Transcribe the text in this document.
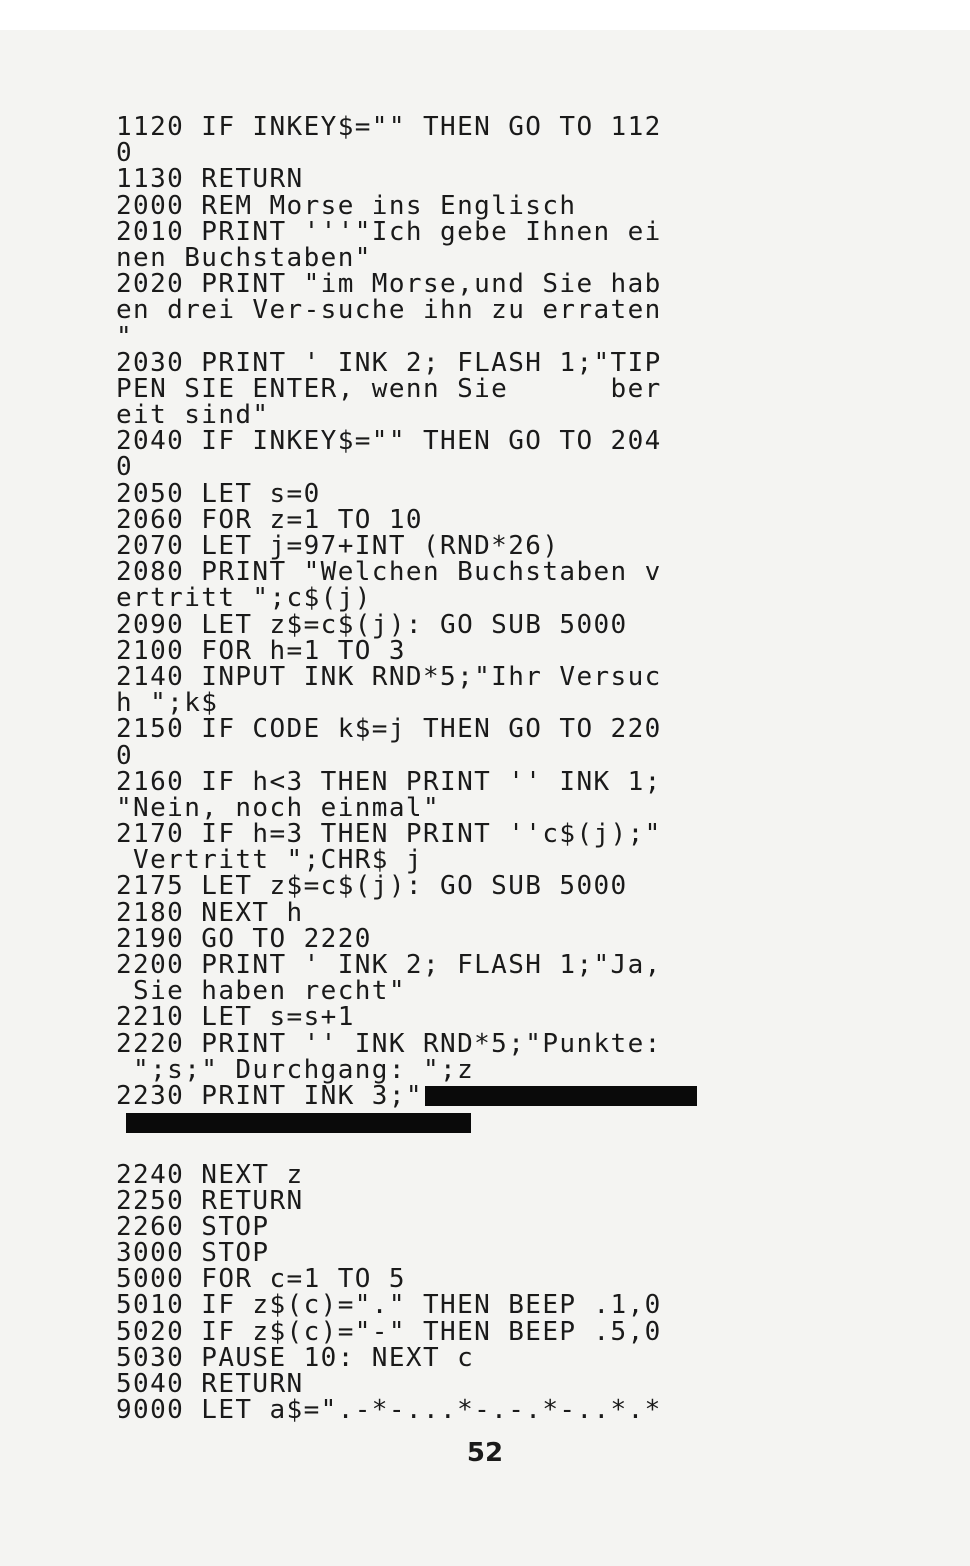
1120 IF INKEY$="" THEN GO TO 112
0
1130 RETURN
2000 REM Morse ins Englisch
2010 PRINT '''"Ich gebe Ihnen ei
nen Buchstaben"
2020 PRINT "im Morse,und Sie hab
en drei Ver-suche ihn zu erraten
"
2030 PRINT ' INK 2; FLASH 1;"TIP
PEN SIE ENTER, wenn Sie      ber
eit sind"
2040 IF INKEY$="" THEN GO TO 204
0
2050 LET s=0
2060 FOR z=1 TO 10
2070 LET j=97+INT (RND*26)
2080 PRINT "Welchen Buchstaben v
ertritt ";c$(j)
2090 LET z$=c$(j): GO SUB 5000
2100 FOR h=1 TO 3
2140 INPUT INK RND*5;"Ihr Versuc
h ";k$
2150 IF CODE k$=j THEN GO TO 220
0
2160 IF h<3 THEN PRINT '' INK 1;
"Nein, noch einmal"
2170 IF h=3 THEN PRINT ''c$(j);"
Vertritt ";CHR$ j
2175 LET z$=c$(j): GO SUB 5000
2180 NEXT h
2190 GO TO 2220
2200 PRINT ' INK 2; FLASH 1;"Ja,
Sie haben recht"
2210 LET s=s+1
2220 PRINT '' INK RND*5;"Punkte:
";s;" Durchgang: ";z
2230 PRINT INK 3;"
2240 NEXT z
2250 RETURN
2260 STOP
3000 STOP
5000 FOR c=1 TO 5
5010 IF z$(c)="." THEN BEEP .1,0
5020 IF z$(c)="-" THEN BEEP .5,0
5030 PAUSE 10: NEXT c
5040 RETURN
9000 LET a$=".-*-...*-.-.*-..*.*
52
